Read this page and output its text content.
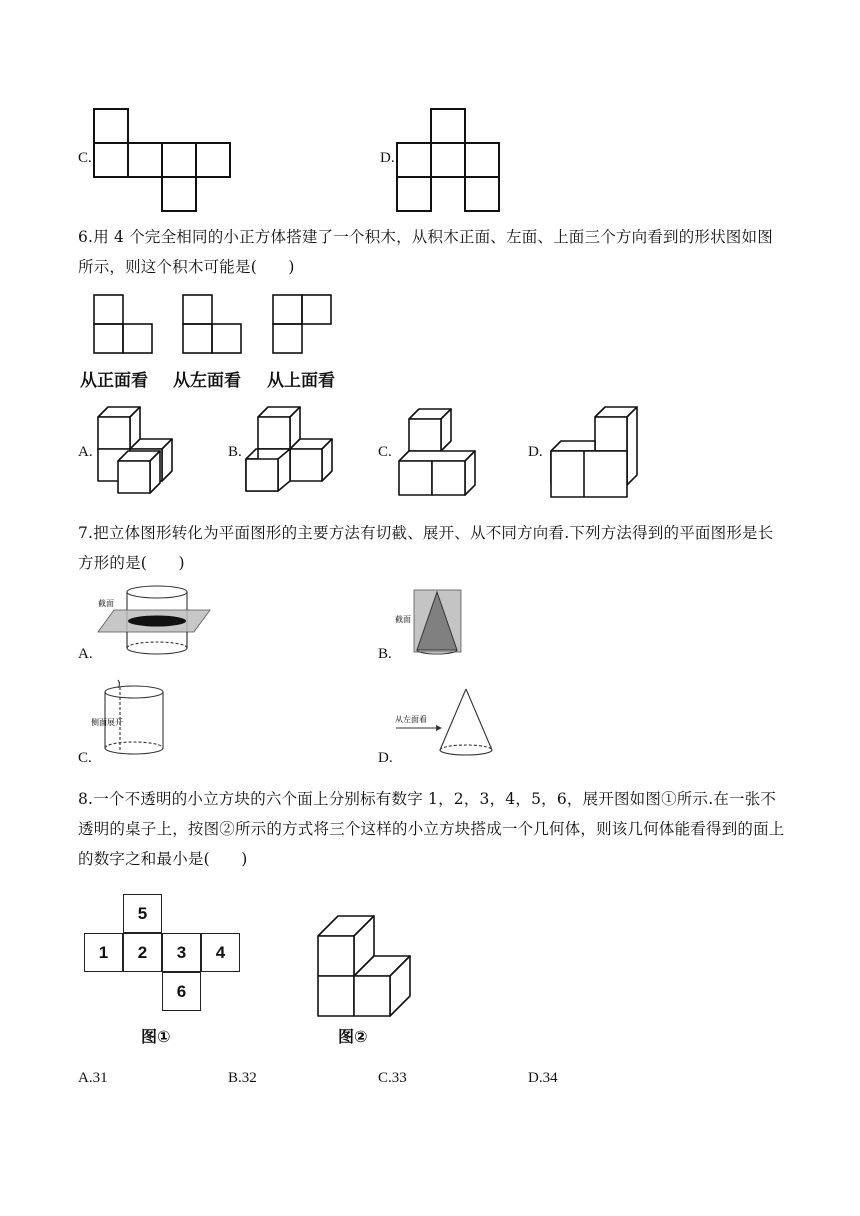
C.	D.
6.用 4 个完全相同的小正方体搭建了一个积木，从积木正面、左面、上面三个方向看到的形状图如图所示，则这个积木可能是(　　)
从正面看 从左面看 从上面看
A.	B.	C.	D.
7.把立体图形转化为平面图形的主要方法有切截、展开、从不同方向看.下列方法得到的平面图形是长方形的是(　　)
A.
截面
B.
截面
C.
侧面展开
D.
从左面看
8.一个不透明的小立方块的六个面上分别标有数字 1，2，3，4，5，6，展开图如图①所示.在一张不透明的桌子上，按图②所示的方式将三个这样的小立方块搭成一个几何体，则该几何体能看得到的面上的数字之和最小是(　　)
5
1	2	3	4
6
图①	图②
A.31	B.32	C.33	D.34
